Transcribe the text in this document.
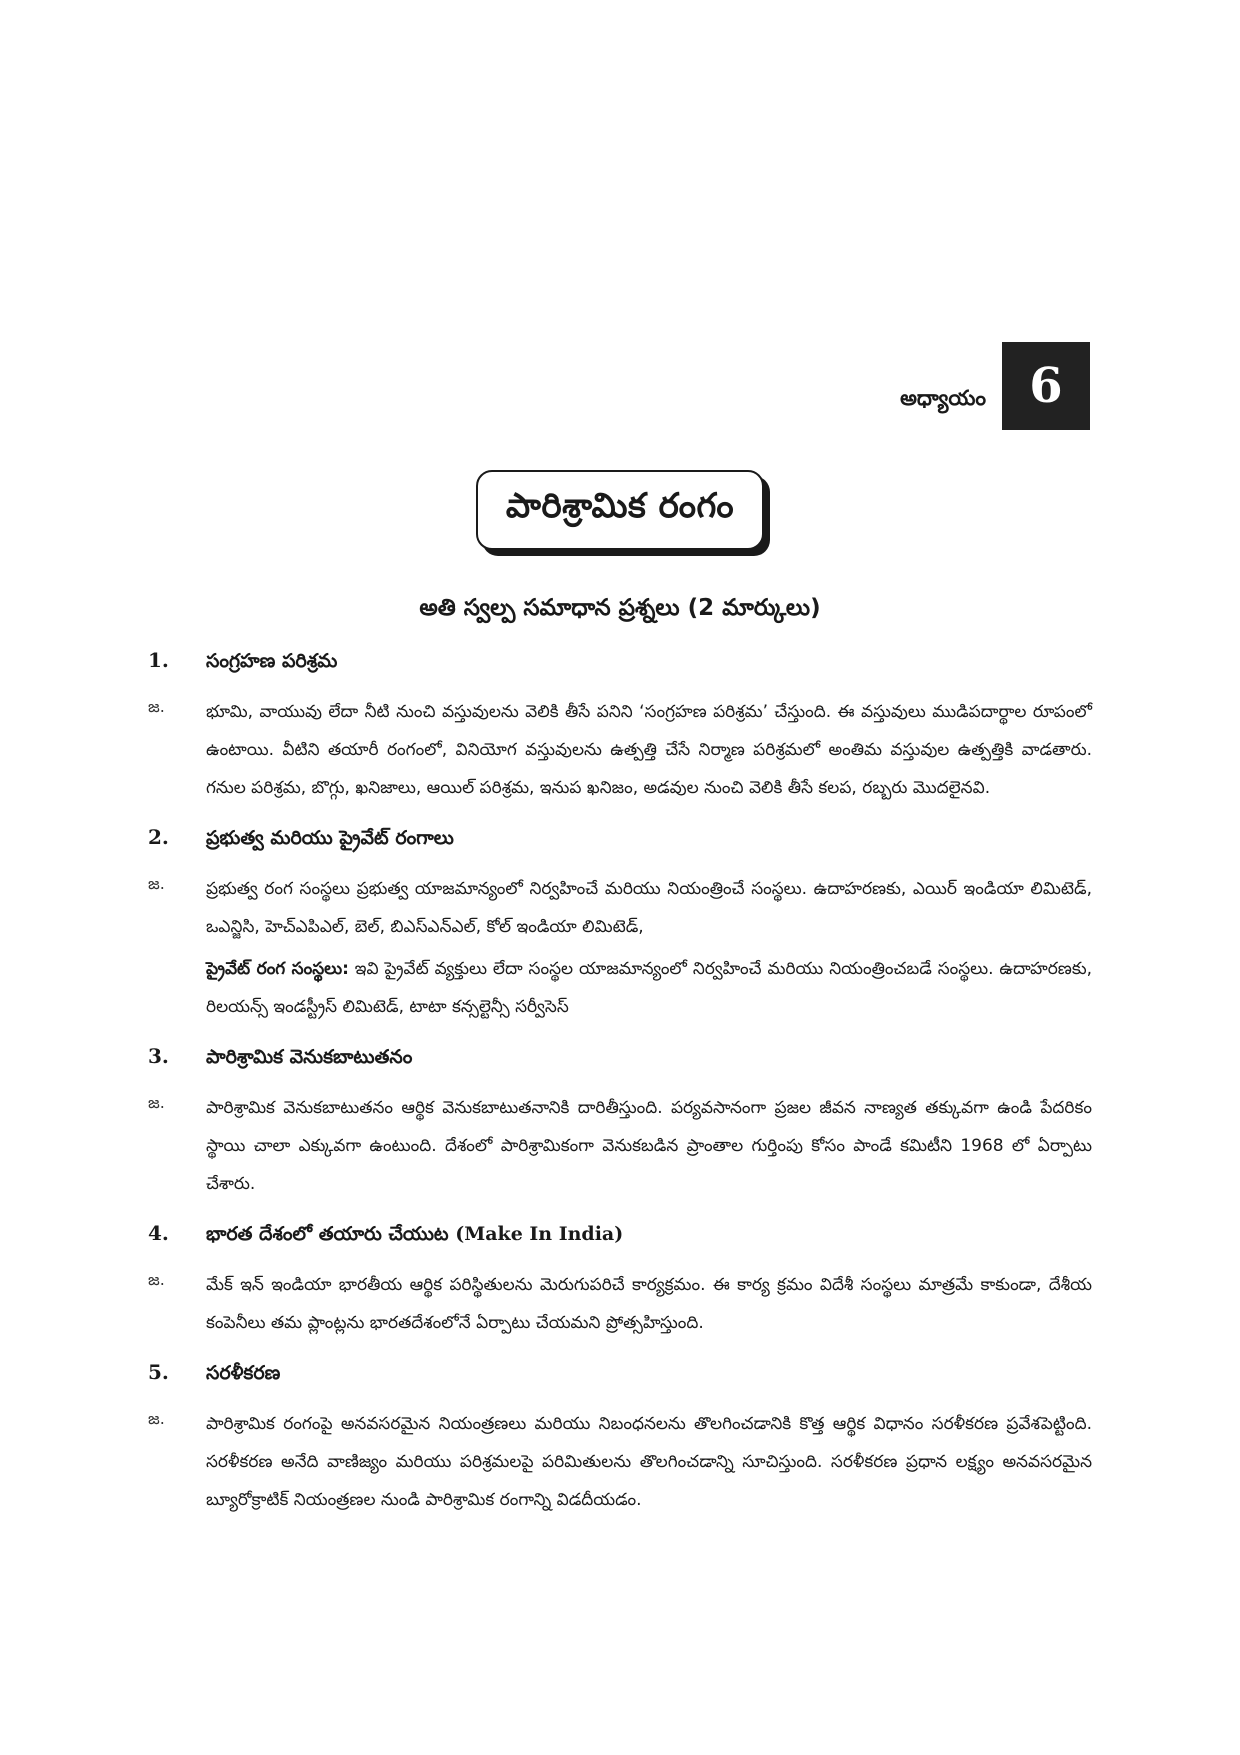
అధ్యాయం 6
పారిశ్రామిక రంగం
అతి స్వల్ప సమాధాన ప్రశ్నలు (2 మార్కులు)
1.	సంగ్రహణ పరిశ్రమ
జ.	భూమి, వాయువు లేదా నీటి నుంచి వస్తువులను వెలికి తీసే పనిని ‘సంగ్రహణ పరిశ్రమ’ చేస్తుంది. ఈ వస్తువులు ముడిపదార్థాల రూపంలో ఉంటాయి. వీటిని తయారీ రంగంలో, వినియోగ వస్తువులను ఉత్పత్తి చేసే నిర్మాణ పరిశ్రమలో అంతిమ వస్తువుల ఉత్పత్తికి వాడతారు. గనుల పరిశ్రమ, బొగ్గు, ఖనిజాలు, ఆయిల్ పరిశ్రమ, ఇనుప ఖనిజం, అడవుల నుంచి వెలికి తీసే కలప, రబ్బరు మొదలైనవి.

2.	ప్రభుత్వ మరియు ప్రైవేట్ రంగాలు
జ.	ప్రభుత్వ రంగ సంస్థలు ప్రభుత్వ యాజమాన్యంలో నిర్వహించే మరియు నియంత్రించే సంస్థలు. ఉదాహరణకు, ఎయిర్ ఇండియా లిమిటెడ్, ఒఎన్జిసి, హెచ్ఎపిఎల్, బెల్, బిఎస్ఎన్ఎల్, కోల్ ఇండియా లిమిటెడ్,

ప్రైవేట్ రంగ సంస్థలు: ఇవి ప్రైవేట్ వ్యక్తులు లేదా సంస్థల యాజమాన్యంలో నిర్వహించే మరియు నియంత్రించబడే సంస్థలు. ఉదాహరణకు, రిలయన్స్ ఇండస్ట్రీస్ లిమిటెడ్, టాటా కన్సల్టెన్సీ సర్వీసెస్

3.	పారిశ్రామిక వెనుకబాటుతనం
జ.	పారిశ్రామిక వెనుకబాటుతనం ఆర్థిక వెనుకబాటుతనానికి దారితీస్తుంది. పర్యవసానంగా ప్రజల జీవన నాణ్యత తక్కువగా ఉండి పేదరికం స్థాయి చాలా ఎక్కువగా ఉంటుంది. దేశంలో పారిశ్రామికంగా వెనుకబడిన ప్రాంతాల గుర్తింపు కోసం పాండే కమిటీని 1968 లో ఏర్పాటు చేశారు.

4.	భారత దేశంలో తయారు చేయుట (Make In India)
జ.	మేక్ ఇన్ ఇండియా భారతీయ ఆర్థిక పరిస్థితులను మెరుగుపరిచే కార్యక్రమం. ఈ కార్య క్రమం విదేశీ సంస్థలు మాత్రమే కాకుండా, దేశీయ కంపెనీలు తమ ప్లాంట్లను భారతదేశంలోనే ఏర్పాటు చేయమని ప్రోత్సహిస్తుంది.

5.	సరళీకరణ
జ.	పారిశ్రామిక రంగంపై అనవసరమైన నియంత్రణలు మరియు నిబంధనలను తొలగించడానికి కొత్త ఆర్థిక విధానం సరళీకరణ ప్రవేశపెట్టింది. సరళీకరణ అనేది వాణిజ్యం మరియు పరిశ్రమలపై పరిమితులను తొలగించడాన్ని సూచిస్తుంది. సరళీకరణ ప్రధాన లక్ష్యం అనవసరమైన బ్యూరోక్రాటిక్ నియంత్రణల నుండి పారిశ్రామిక రంగాన్ని విడదీయడం.
